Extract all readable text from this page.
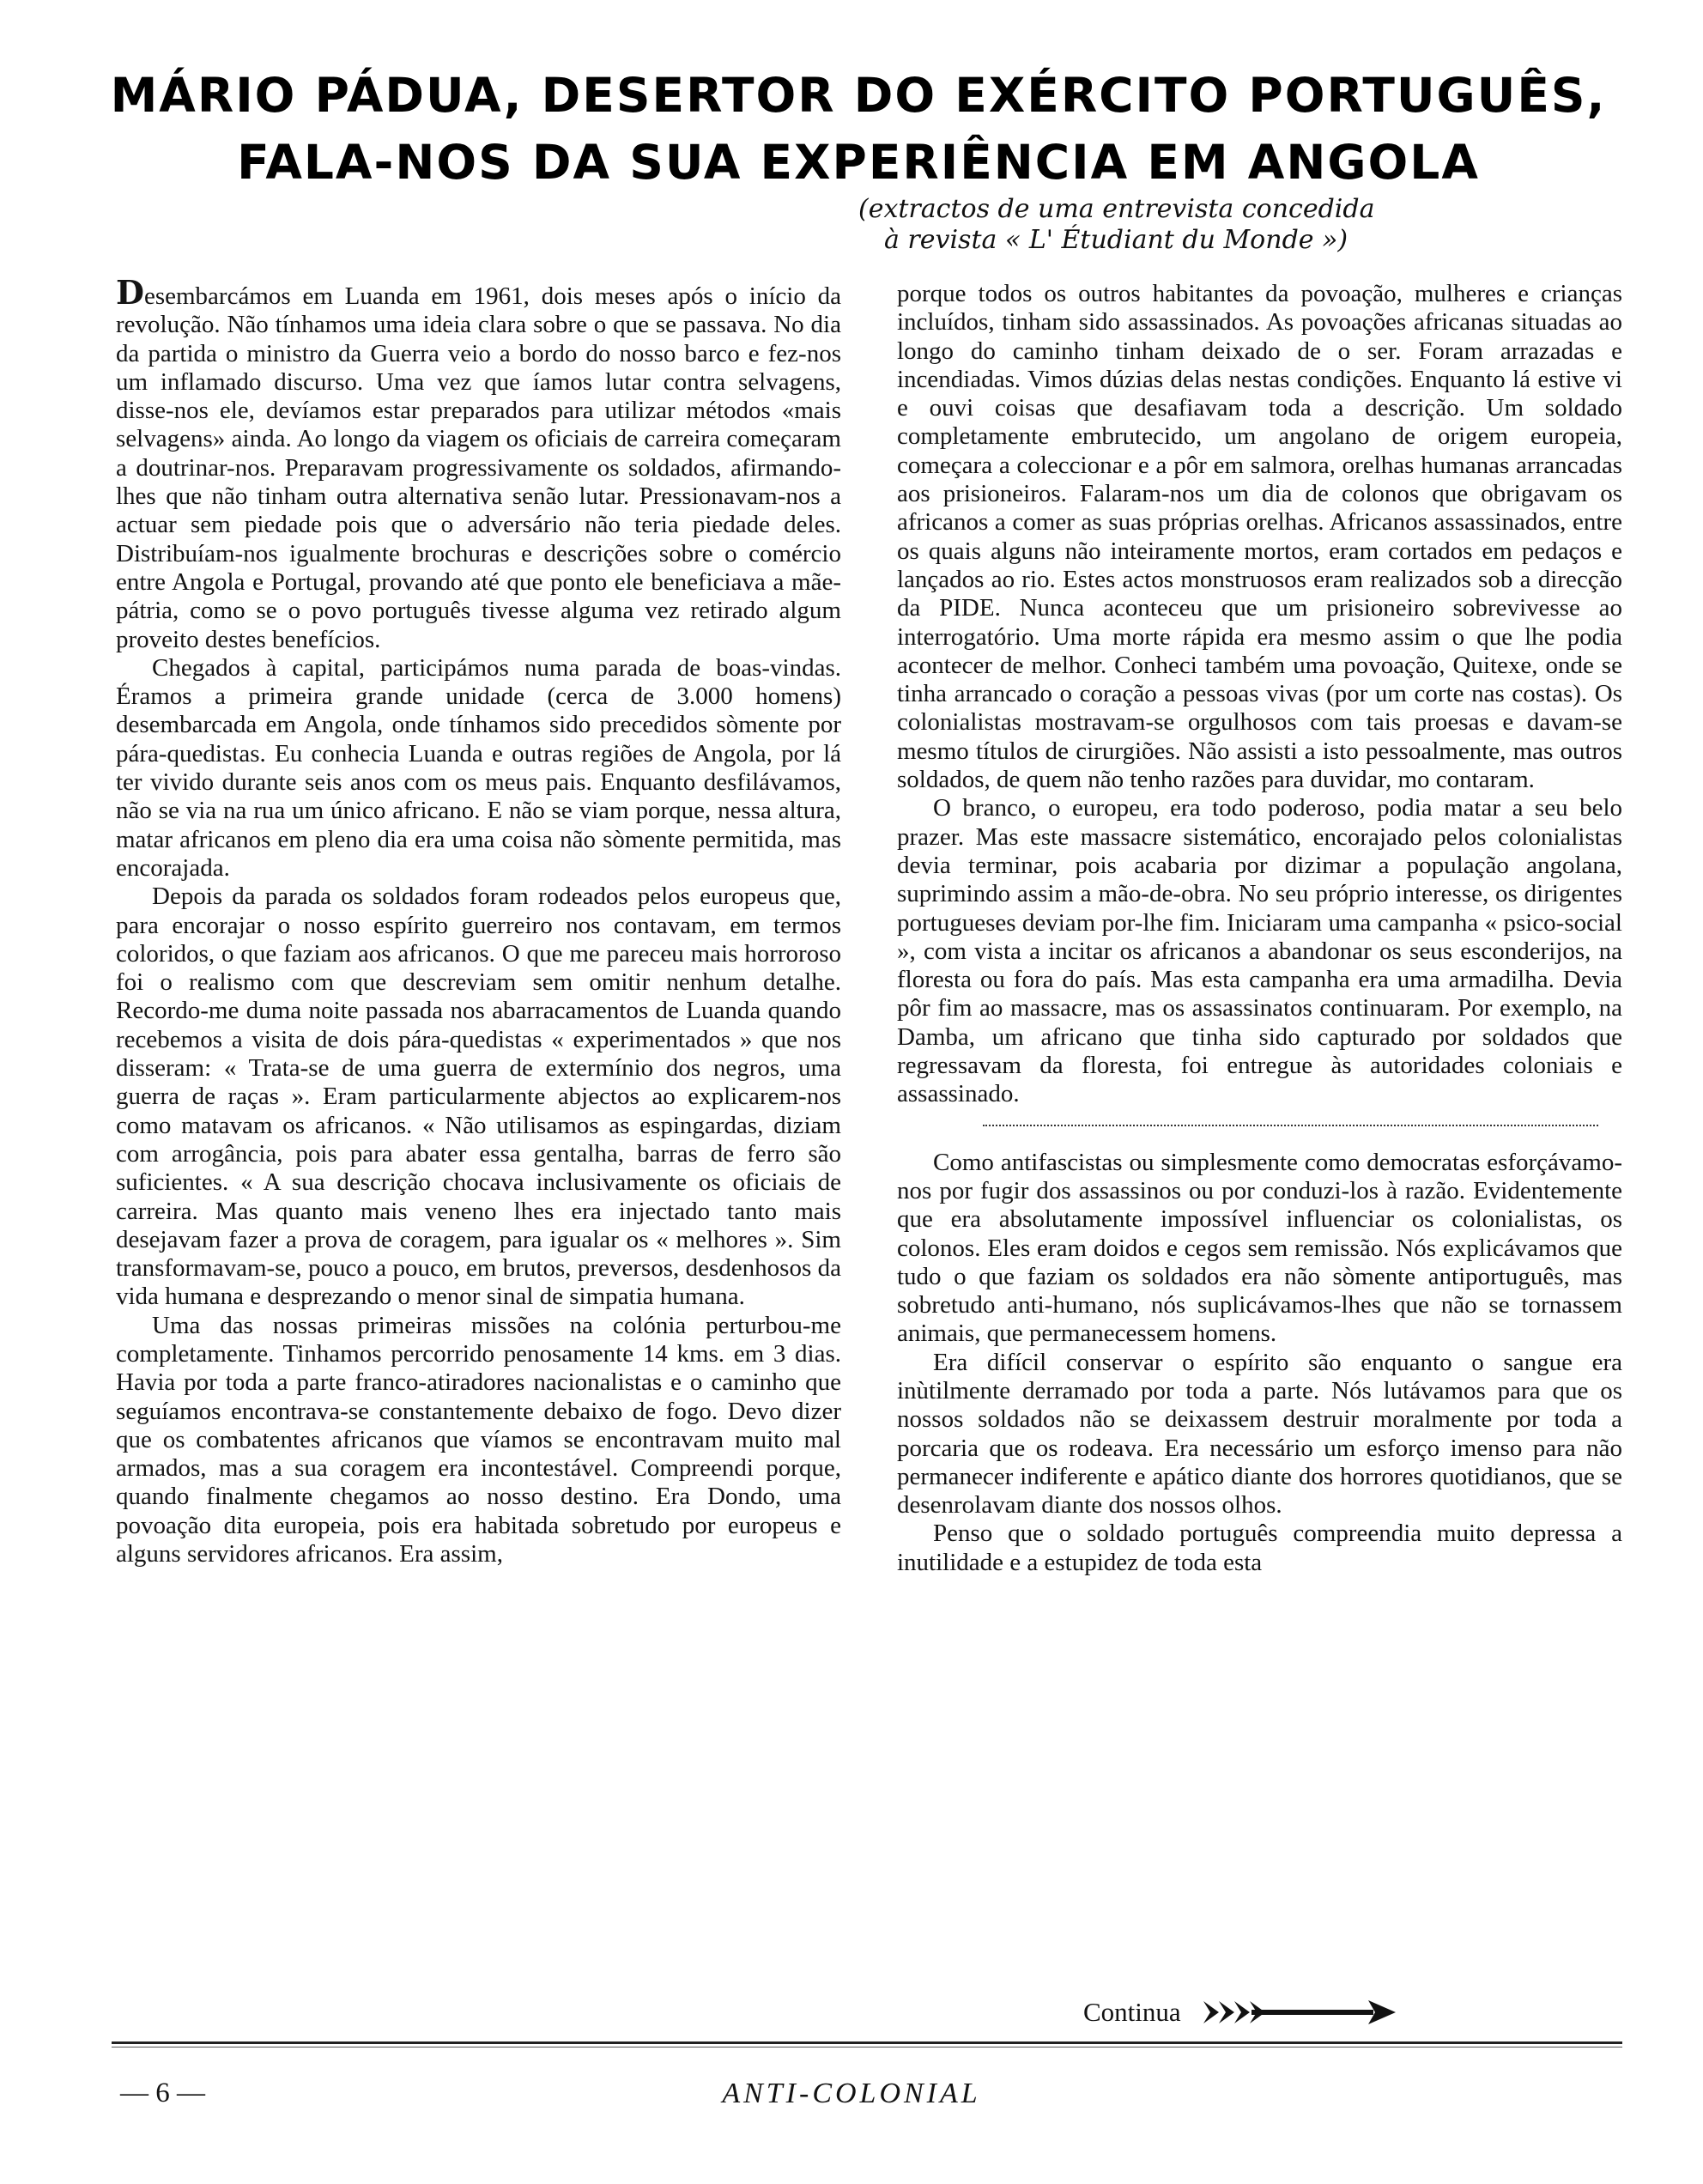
MÁRIO PÁDUA, DESERTOR DO EXÉRCITO PORTUGUÊS,
FALA-NOS DA SUA EXPERIÊNCIA EM ANGOLA
(extractos de uma entrevista concedida
à revista « L' Étudiant du Monde »)

Desembarcámos em Luanda em 1961, dois meses após o início da revolução. Não tínhamos uma ideia clara sobre o que se passava. No dia da partida o ministro da Guerra veio a bordo do nosso barco e fez-nos um inflamado discurso. Uma vez que íamos lutar contra selvagens, disse-nos ele, devíamos estar preparados para utilizar métodos «mais selvagens» ainda. Ao longo da viagem os oficiais de carreira começaram a doutrinar-nos. Preparavam progressivamente os soldados, afirmando-lhes que não tinham outra alternativa senão lutar. Pressionavam-nos a actuar sem piedade pois que o adversário não teria piedade deles. Distribuíam-nos igualmente brochuras e descrições sobre o comércio entre Angola e Portugal, provando até que ponto ele beneficiava a mãe-pátria, como se o povo português tivesse alguma vez retirado algum proveito destes benefícios.

Chegados à capital, participámos numa parada de boas-vindas. Éramos a primeira grande unidade (cerca de 3.000 homens) desembarcada em Angola, onde tínhamos sido precedidos sòmente por pára-quedistas. Eu conhecia Luanda e outras regiões de Angola, por lá ter vivido durante seis anos com os meus pais. Enquanto desfilávamos, não se via na rua um único africano. E não se viam porque, nessa altura, matar africanos em pleno dia era uma coisa não sòmente permitida, mas encorajada.

Depois da parada os soldados foram rodeados pelos europeus que, para encorajar o nosso espírito guerreiro nos contavam, em termos coloridos, o que faziam aos africanos. O que me pareceu mais horroroso foi o realismo com que descreviam sem omitir nenhum detalhe. Recordo-me duma noite passada nos abarracamentos de Luanda quando recebemos a visita de dois pára-quedistas « experimentados » que nos disseram: « Trata-se de uma guerra de extermínio dos negros, uma guerra de raças ». Eram particularmente abjectos ao explicarem-nos como matavam os africanos. « Não utilisamos as espingardas, diziam com arrogância, pois para abater essa gentalha, barras de ferro são suficientes. « A sua descrição chocava inclusivamente os oficiais de carreira. Mas quanto mais veneno lhes era injectado tanto mais desejavam fazer a prova de coragem, para igualar os « melhores ». Sim transformavam-se, pouco a pouco, em brutos, preversos, desdenhosos da vida humana e desprezando o menor sinal de simpatia humana.

Uma das nossas primeiras missões na colónia perturbou-me completamente. Tinhamos percorrido penosamente 14 kms. em 3 dias. Havia por toda a parte franco-atiradores nacionalistas e o caminho que seguíamos encontrava-se constantemente debaixo de fogo. Devo dizer que os combatentes africanos que víamos se encontravam muito mal armados, mas a sua coragem era incontestável. Compreendi porque, quando finalmente chegamos ao nosso destino. Era Dondo, uma povoação dita europeia, pois era habitada sobretudo por europeus e alguns servidores africanos. Era assim,

porque todos os outros habitantes da povoação, mulheres e crianças incluídos, tinham sido assassinados. As povoações africanas situadas ao longo do caminho tinham deixado de o ser. Foram arrazadas e incendiadas. Vimos dúzias delas nestas condições. Enquanto lá estive vi e ouvi coisas que desafiavam toda a descrição. Um soldado completamente embrutecido, um angolano de origem europeia, começara a coleccionar e a pôr em salmora, orelhas humanas arrancadas aos prisioneiros. Falaram-nos um dia de colonos que obrigavam os africanos a comer as suas próprias orelhas. Africanos assassinados, entre os quais alguns não inteiramente mortos, eram cortados em pedaços e lançados ao rio. Estes actos monstruosos eram realizados sob a direcção da PIDE. Nunca aconteceu que um prisioneiro sobrevivesse ao interrogatório. Uma morte rápida era mesmo assim o que lhe podia acontecer de melhor. Conheci também uma povoação, Quitexe, onde se tinha arrancado o coração a pessoas vivas (por um corte nas costas). Os colonialistas mostravam-se orgulhosos com tais proesas e davam-se mesmo títulos de cirurgiões. Não assisti a isto pessoalmente, mas outros soldados, de quem não tenho razões para duvidar, mo contaram.

O branco, o europeu, era todo poderoso, podia matar a seu belo prazer. Mas este massacre sistemático, encorajado pelos colonialistas devia terminar, pois acabaria por dizimar a população angolana, suprimindo assim a mão-de-obra. No seu próprio interesse, os dirigentes portugueses deviam por-lhe fim. Iniciaram uma campanha « psico-social », com vista a incitar os africanos a abandonar os seus esconderijos, na floresta ou fora do país. Mas esta campanha era uma armadilha. Devia pôr fim ao massacre, mas os assassinatos continuaram. Por exemplo, na Damba, um africano que tinha sido capturado por soldados que regressavam da floresta, foi entregue às autoridades coloniais e assassinado.

Como antifascistas ou simplesmente como democratas esforçávamo-nos por fugir dos assassinos ou por conduzi-los à razão. Evidentemente que era absolutamente impossível influenciar os colonialistas, os colonos. Eles eram doidos e cegos sem remissão. Nós explicávamos que tudo o que faziam os soldados era não sòmente antiportuguês, mas sobretudo anti-humano, nós suplicávamos-lhes que não se tornassem animais, que permanecessem homens.

Era difícil conservar o espírito são enquanto o sangue era inùtilmente derramado por toda a parte. Nós lutávamos para que os nossos soldados não se deixassem destruir moralmente por toda a porcaria que os rodeava. Era necessário um esforço imenso para não permanecer indiferente e apático diante dos horrores quotidianos, que se desenrolavam diante dos nossos olhos.

Penso que o soldado português compreendia muito depressa a inutilidade e a estupidez de toda esta

Continua
— 6 —	ANTI-COLONIAL
